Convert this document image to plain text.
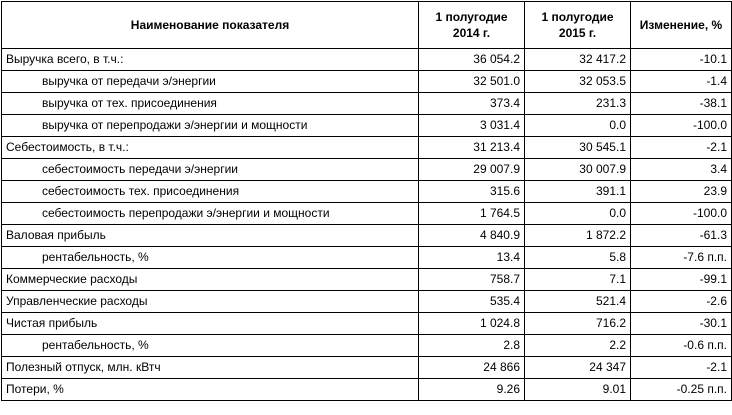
Наименование показателя	1 полугодие 2014 г.	1 полугодие 2015 г.	Изменение, %
Выручка всего, в т.ч.:	36 054.2	32 417.2	-10.1
выручка от передачи э/энергии	32 501.0	32 053.5	-1.4
выручка от тех. присоединения	373.4	231.3	-38.1
выручка от перепродажи э/энергии и мощности	3 031.4	0.0	-100.0
Себестоимость, в т.ч.:	31 213.4	30 545.1	-2.1
себестоимость передачи э/энергии	29 007.9	30 007.9	3.4
себестоимость тех. присоединения	315.6	391.1	23.9
себестоимость перепродажи э/энергии и мощности	1 764.5	0.0	-100.0
Валовая прибыль	4 840.9	1 872.2	-61.3
рентабельность, %	13.4	5.8	-7.6 п.п.
Коммерческие расходы	758.7	7.1	-99.1
Управленческие расходы	535.4	521.4	-2.6
Чистая прибыль	1 024.8	716.2	-30.1
рентабельность, %	2.8	2.2	-0.6 п.п.
Полезный отпуск, млн. кВтч	24 866	24 347	-2.1
Потери, %	9.26	9.01	-0.25 п.п.
